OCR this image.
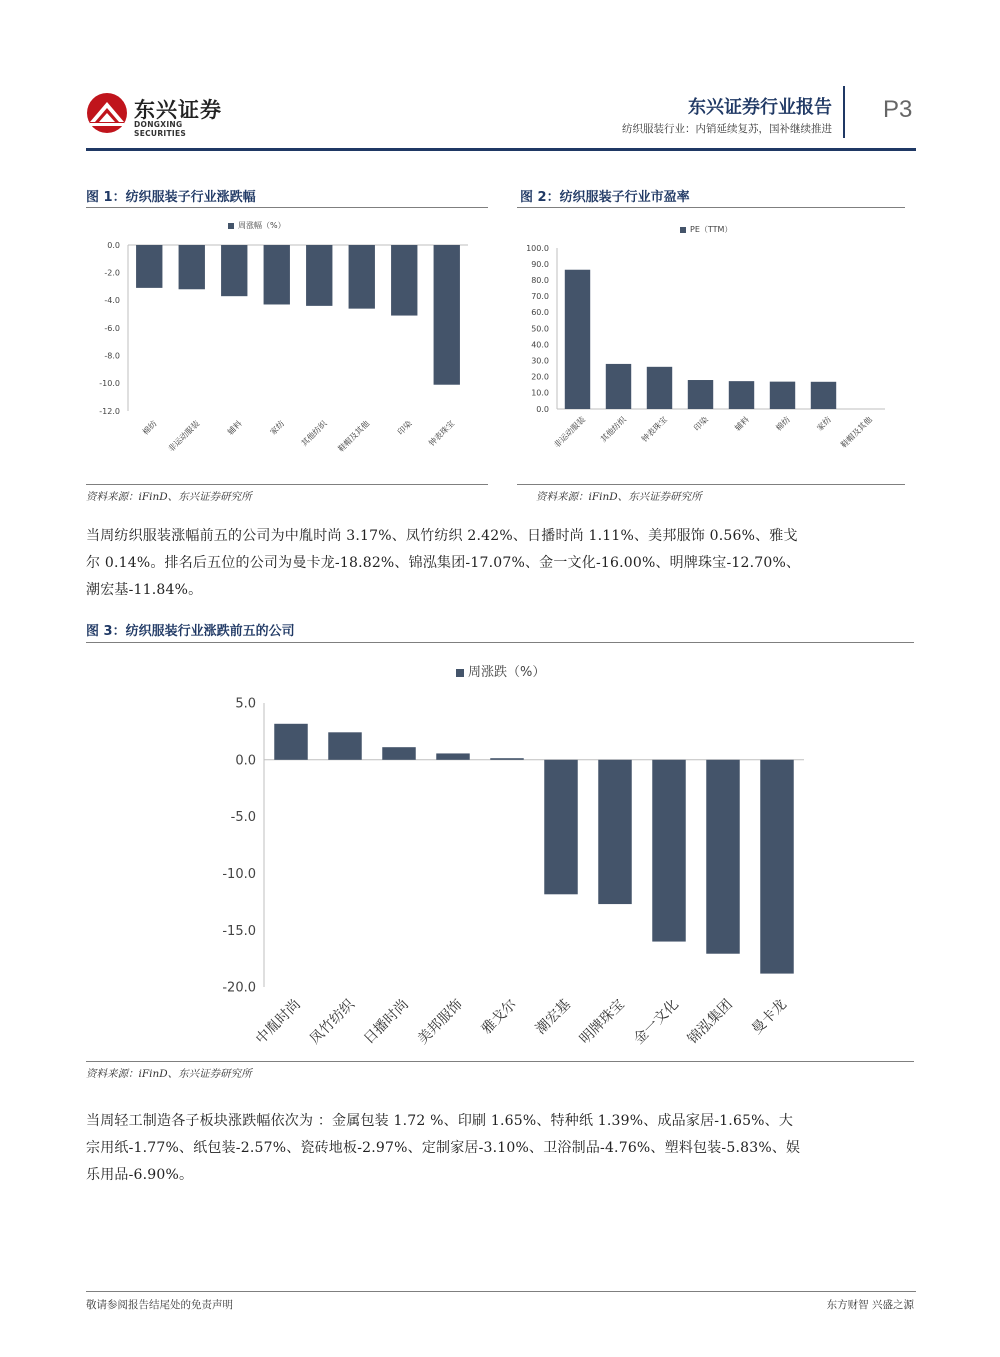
东兴证券
DONGXING SECURITIES
东兴证券行业报告
纺织服装行业：内销延续复苏，国补继续推进
P3
图 1：纺织服装子行业涨跌幅
周涨幅（%）
0.0
-2.0
-4.0
-6.0
-8.0
-10.0
-12.0
棉纺 非运动服装	辅料	家纺 其他纺织 鞋帽及其他	印染 钟表珠宝
资料来源：iFinD、东兴证券研究所
图 2：纺织服装子行业市盈率
PE（TTM）
100.0
90.0
80.0
70.0
60.0
50.0
40.0
30.0
20.0
10.0
0.0
非运动服装 其他纺织 钟表珠宝	印染	辅料	棉纺	家纺 鞋帽及其他
资料来源：iFinD、东兴证券研究所
当周纺织服装涨幅前五的公司为中胤时尚 3.17%、凤竹纺织 2.42%、日播时尚 1.11%、美邦服饰 0.56%、雅戈
尔 0.14%。排名后五位的公司为曼卡龙-18.82%、锦泓集团-17.07%、金一文化-16.00%、明牌珠宝-12.70%、
潮宏基-11.84%。
图 3：纺织服装行业涨跌前五的公司
周涨跌（%）
5.0
0.0
-5.0
-10.0
-15.0
-20.0
中胤时尚 凤竹纺织 日播时尚 美邦服饰 雅戈尔 潮宏基 明牌珠宝 金一文化 锦泓集团 曼卡龙
资料来源：iFinD、东兴证券研究所
当周轻工制造各子板块涨跌幅依次为 ：金属包装 1.72 %、印刷 1.65%、特种纸 1.39%、成品家居-1.65%、大
宗用纸-1.77%、纸包装-2.57%、瓷砖地板-2.97%、定制家居-3.10%、卫浴制品-4.76%、塑料包装-5.83%、娱
乐用品-6.90%。
敬请参阅报告结尾处的免责声明	东方财智 兴盛之源
